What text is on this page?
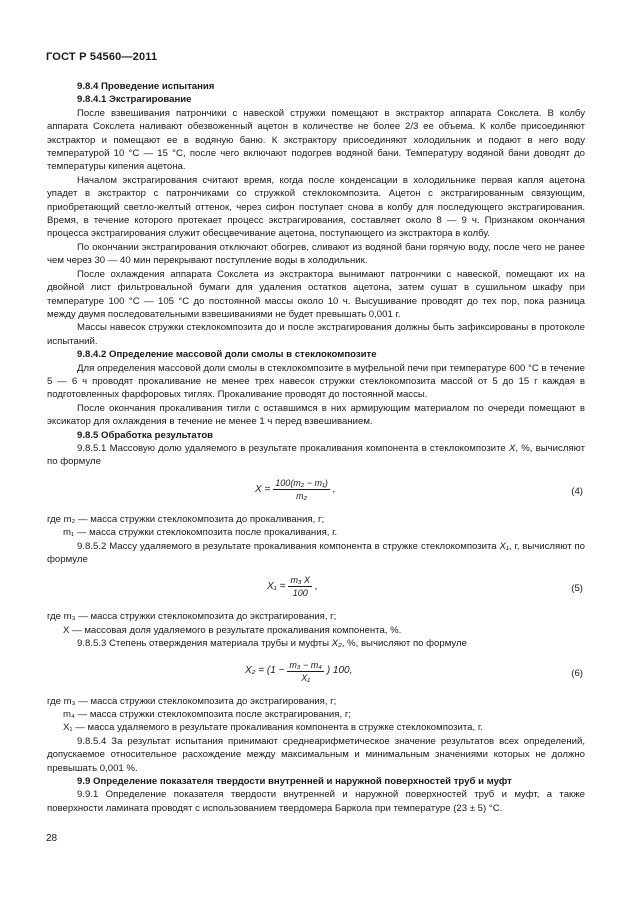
ГОСТ Р 54560—2011

9.8.4 Проведение испытания

9.8.4.1 Экстрагирование

После взвешивания патрончики с навеской стружки помещают в экстрактор аппарата Сокслета. В колбу аппарата Сокслета наливают обезвоженный ацетон в количестве не более 2/3 ее объема. К колбе присоединяют экстрактор и помещают ее в водяную баню. К экстрактору присоединяют холодильник и подают в него воду температурой 10 °С — 15 °С, после чего включают подогрев водяной бани. Температуру водяной бани доводят до температуры кипения ацетона.

Началом экстрагирования считают время, когда после конденсации в холодильнике первая капля ацетона упадет в экстрактор с патрончиками со стружкой стеклокомпозита. Ацетон с экстрагированным связующим, приобретающий светло-желтый оттенок, через сифон поступает снова в колбу для последующего экстрагирования. Время, в течение которого протекает процесс экстрагирования, составляет около 8 — 9 ч. Признаком окончания процесса экстрагирования служит обесцвечивание ацетона, поступающего из экстрактора в колбу.

По окончании экстрагирования отключают обогрев, сливают из водяной бани горячую воду, после чего не ранее чем через 30 — 40 мин перекрывают поступление воды в холодильник.

После охлаждения аппарата Сокслета из экстрактора вынимают патрончики с навеской, помещают их на двойной лист фильтровальной бумаги для удаления остатков ацетона, затем сушат в сушильном шкафу при температуре 100 °С — 105 °С до постоянной массы около 10 ч. Высушивание проводят до тех пор, пока разница между двумя последовательными взвешиваниями не будет превышать 0,001 г.

Массы навесок стружки стеклокомпозита до и после экстрагирования должны быть зафиксированы в протоколе испытаний.

9.8.4.2 Определение массовой доли смолы в стеклокомпозите

Для определения массовой доли смолы в стеклокомпозите в муфельной печи при температуре 600 °С в течение 5 — 6 ч проводят прокаливание не менее трех навесок стружки стеклокомпозита массой от 5 до 15 г каждая в подготовленных фарфоровых тиглях. Прокаливание проводят до постоянной массы.

После окончания прокаливания тигли с оставшимся в них армирующим материалом по очереди помещают в эксикатор для охлаждения в течение не менее 1 ч перед взвешиванием.

9.8.5 Обработка результатов

9.8.5.1 Массовую долю удаляемого в результате прокаливания компонента в стеклокомпозите X, %, вычисляют по формуле

$X = \frac{\text{100(m₂ − m₁)}}{\text{m₂}}$ ,	(4)

где m₂ — масса стружки стеклокомпозита до прокаливания, г;

m₁ — масса стружки стеклокомпозита после прокаливания, г.

9.8.5.2 Массу удаляемого в результате прокаливания компонента в стружке стеклокомпозита X₁, г, вычисляют по формуле

$X_1 = \frac{\text{m₃ X}}{100}$ ,	(5)

где m₃ — масса стружки стеклокомпозита до экстрагирования, г;

X — массовая доля удаляемого в результате прокаливания компонента, %.

9.8.5.3 Степень отверждения материала трубы и муфты X₂, %, вычисляют по формуле

$X_2 = (1 - \frac{\text{m₃ − m₄}}{\text{X₁}}$ ) 100,	(6)

где m₃ — масса стружки стеклокомпозита до экстрагирования, г;

m₄ — масса стружки стеклокомпозита после экстрагирования, г;

X₁ — масса удаляемого в результате прокаливания компонента в стружке стеклокомпозита, г.

9.8.5.4 За результат испытания принимают среднеарифметическое значение результатов всех определений, допускаемое относительное расхождение между максимальным и минимальным значениями которых не должно превышать 0,001 %.

9.9 Определение показателя твердости внутренней и наружной поверхностей труб и муфт

9.9.1 Определение показателя твердости внутренней и наружной поверхностей труб и муфт, а также поверхности ламината проводят с использованием твердомера Баркола при температуре (23 ± 5) °С.

28
